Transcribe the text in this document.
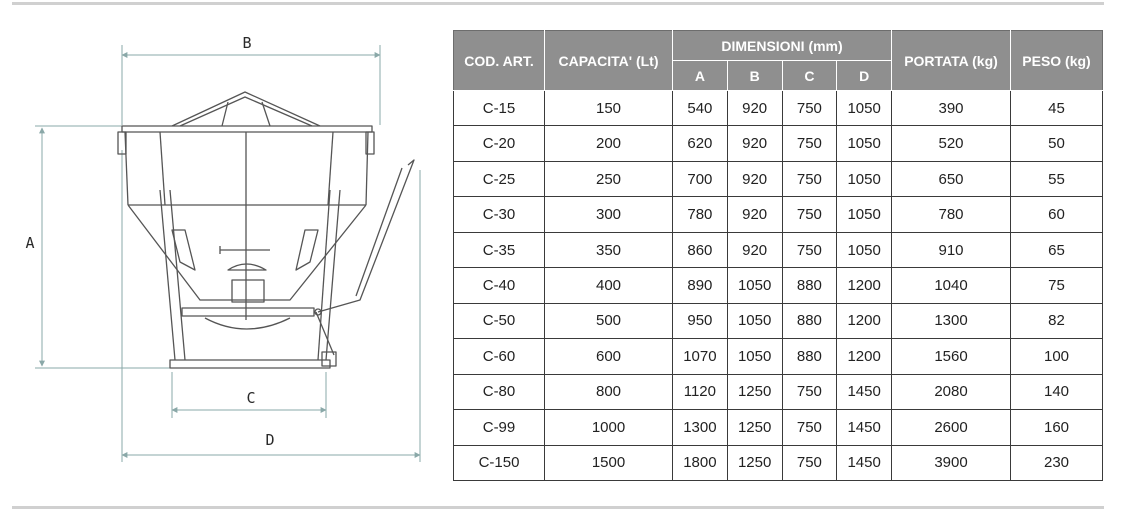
B
A
C
D
COD. ART.	CAPACITA' (Lt)	DIMENSIONI (mm)				PORTATA (kg)	PESO (kg)
		A	B	C	D		
C-15	150	540	920	750	1050	390	45
C-20	200	620	920	750	1050	520	50
C-25	250	700	920	750	1050	650	55
C-30	300	780	920	750	1050	780	60
C-35	350	860	920	750	1050	910	65
C-40	400	890	1050	880	1200	1040	75
C-50	500	950	1050	880	1200	1300	82
C-60	600	1070	1050	880	1200	1560	100
C-80	800	1120	1250	750	1450	2080	140
C-99	1000	1300	1250	750	1450	2600	160
C-150	1500	1800	1250	750	1450	3900	230
